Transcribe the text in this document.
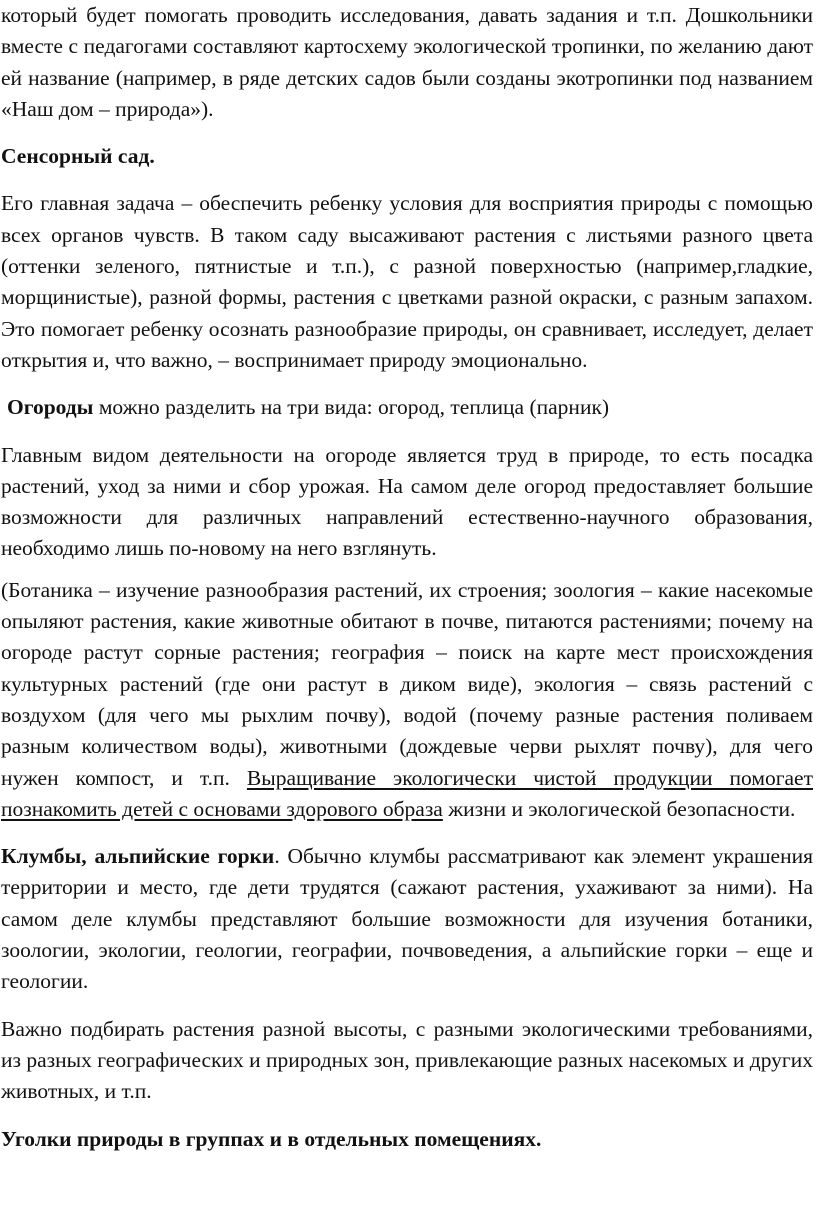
который будет помогать проводить исследования, давать задания и т.п. Дошкольники вместе с педагогами составляют картосхему экологической тропинки, по желанию дают ей название (например, в ряде детских садов были созданы экотропинки под названием «Наш дом – природа»).

Сенсорный сад.

Его главная задача – обеспечить ребенку условия для восприятия природы с помощью всех органов чувств. В таком саду высаживают растения с листьями разного цвета (оттенки зеленого, пятнистые и т.п.), с разной поверхностью (например,гладкие, морщинистые), разной формы, растения с цветками разной окраски, с разным запахом. Это помогает ребенку осознать разнообразие природы, он сравнивает, исследует, делает открытия и, что важно, – воспринимает природу эмоционально.

Огороды можно разделить на три вида: огород, теплица (парник)

Главным видом деятельности на огороде является труд в природе, то есть посадка растений, уход за ними и сбор урожая. На самом деле огород предоставляет большие возможности для различных направлений естественно-научного образования, необходимо лишь по-новому на него взглянуть.

(Ботаника – изучение разнообразия растений, их строения; зоология – какие насекомые опыляют растения, какие животные обитают в почве, питаются растениями; почему на огороде растут сорные растения; география – поиск на карте мест происхождения культурных растений (где они растут в диком виде), экология – связь растений с воздухом (для чего мы рыхлим почву), водой (почему разные растения поливаем разным количеством воды), животными (дождевые черви рыхлят почву), для чего нужен компост, и т.п. Выращивание экологически чистой продукции помогает познакомить детей с основами здорового образа жизни и экологической безопасности.

Клумбы, альпийские горки. Обычно клумбы рассматривают как элемент украшения территории и место, где дети трудятся (сажают растения, ухаживают за ними). На самом деле клумбы представляют большие возможности для изучения ботаники, зоологии, экологии, геологии, географии, почвоведения, а альпийские горки – еще и геологии.

Важно подбирать растения разной высоты, с разными экологическими требованиями, из разных географических и природных зон, привлекающие разных насекомых и других животных, и т.п.

Уголки природы в группах и в отдельных помещениях.
